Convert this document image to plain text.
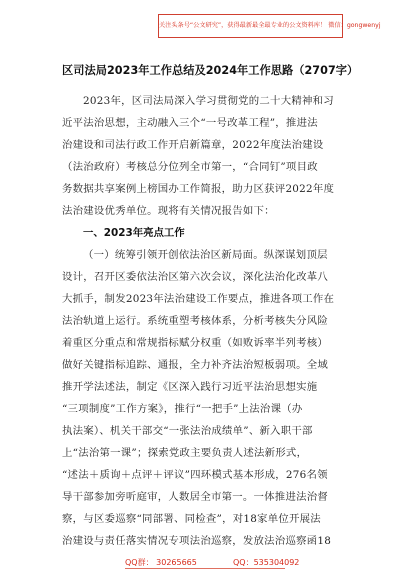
关注头条号“公文研究”，获得最新最全最专业的公文资料库！ 微信：gongwenyj
区司法局2023年工作总结及2024年工作思路（2707字）
2023年，区司法局深入学习贯彻党的二十大精神和习
近平法治思想，主动融入三个“一号改革工程”，推进法
治建设和司法行政工作开启新篇章，2022年度法治建设
（法治政府）考核总分位列全市第一，“合同钉”项目政
务数据共享案例上榜国办工作简报，助力区获评2022年度
法治建设优秀单位。现将有关情况报告如下：
一、2023年亮点工作
（一）统筹引领开创依法治区新局面。纵深谋划顶层
设计，召开区委依法治区第六次会议，深化法治化改革八
大抓手，制发2023年法治建设工作要点，推进各项工作在
法治轨道上运行。系统重塑考核体系，分析考核失分风险
着重区分重点和常规指标赋分权重（如败诉率半列考核）
做好关键指标追踪、通报，全力补齐法治短板弱项。全域
推开学法述法，制定《区深入践行习近平法治思想实施
“三项制度”工作方案》，推行“一把手”上法治课（办
执法案）、机关干部交“一张法治成绩单”、新入职干部
上“法治第一课”；探索党政主要负责人述法新形式，
“述法＋质询＋点评＋评议”四环模式基本形成，276名领
导干部参加旁听庭审，人数居全市第一。一体推进法治督
察，与区委巡察“同部署、同检查”，对18家单位开展法
治建设与责任落实情况专项法治巡察，发放法治巡察函18
QQ群： 30265665	QQ：535304092
